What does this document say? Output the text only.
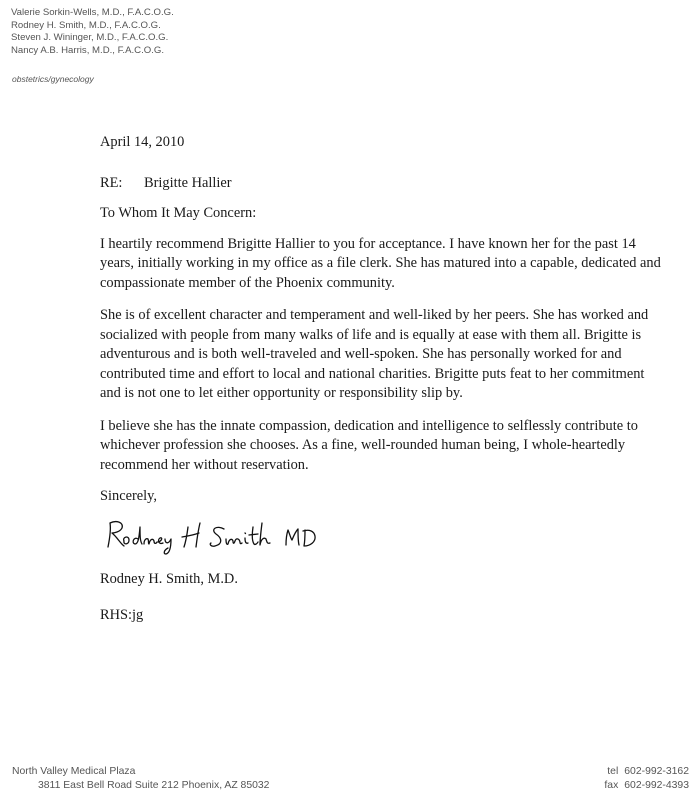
Valerie Sorkin-Wells, M.D., F.A.C.O.G.
Rodney H. Smith, M.D., F.A.C.O.G.
Steven J. Wininger, M.D., F.A.C.O.G.
Nancy A.B. Harris, M.D., F.A.C.O.G.
obstetrics/gynecology
April 14, 2010
RE: Brigitte Hallier
To Whom It May Concern:
I heartily recommend Brigitte Hallier to you for acceptance. I have known her for the past 14
years, initially working in my office as a file clerk. She has matured into a capable, dedicated and
compassionate member of the Phoenix community.
She is of excellent character and temperament and well-liked by her peers. She has worked and
socialized with people from many walks of life and is equally at ease with them all. Brigitte is
adventurous and is both well-traveled and well-spoken. She has personally worked for and
contributed time and effort to local and national charities. Brigitte puts feat to her commitment
and is not one to let either opportunity or responsibility slip by.
I believe she has the innate compassion, dedication and intelligence to selflessly contribute to
whichever profession she chooses. As a fine, well-rounded human being, I whole-heartedly
recommend her without reservation.
Sincerely,
Rodney H. Smith, M.D.
RHS:jg
North Valley Medical Plaza
3811 East Bell Road Suite 212 Phoenix, AZ 85032
tel 602-992-3162
fax 602-992-4393
